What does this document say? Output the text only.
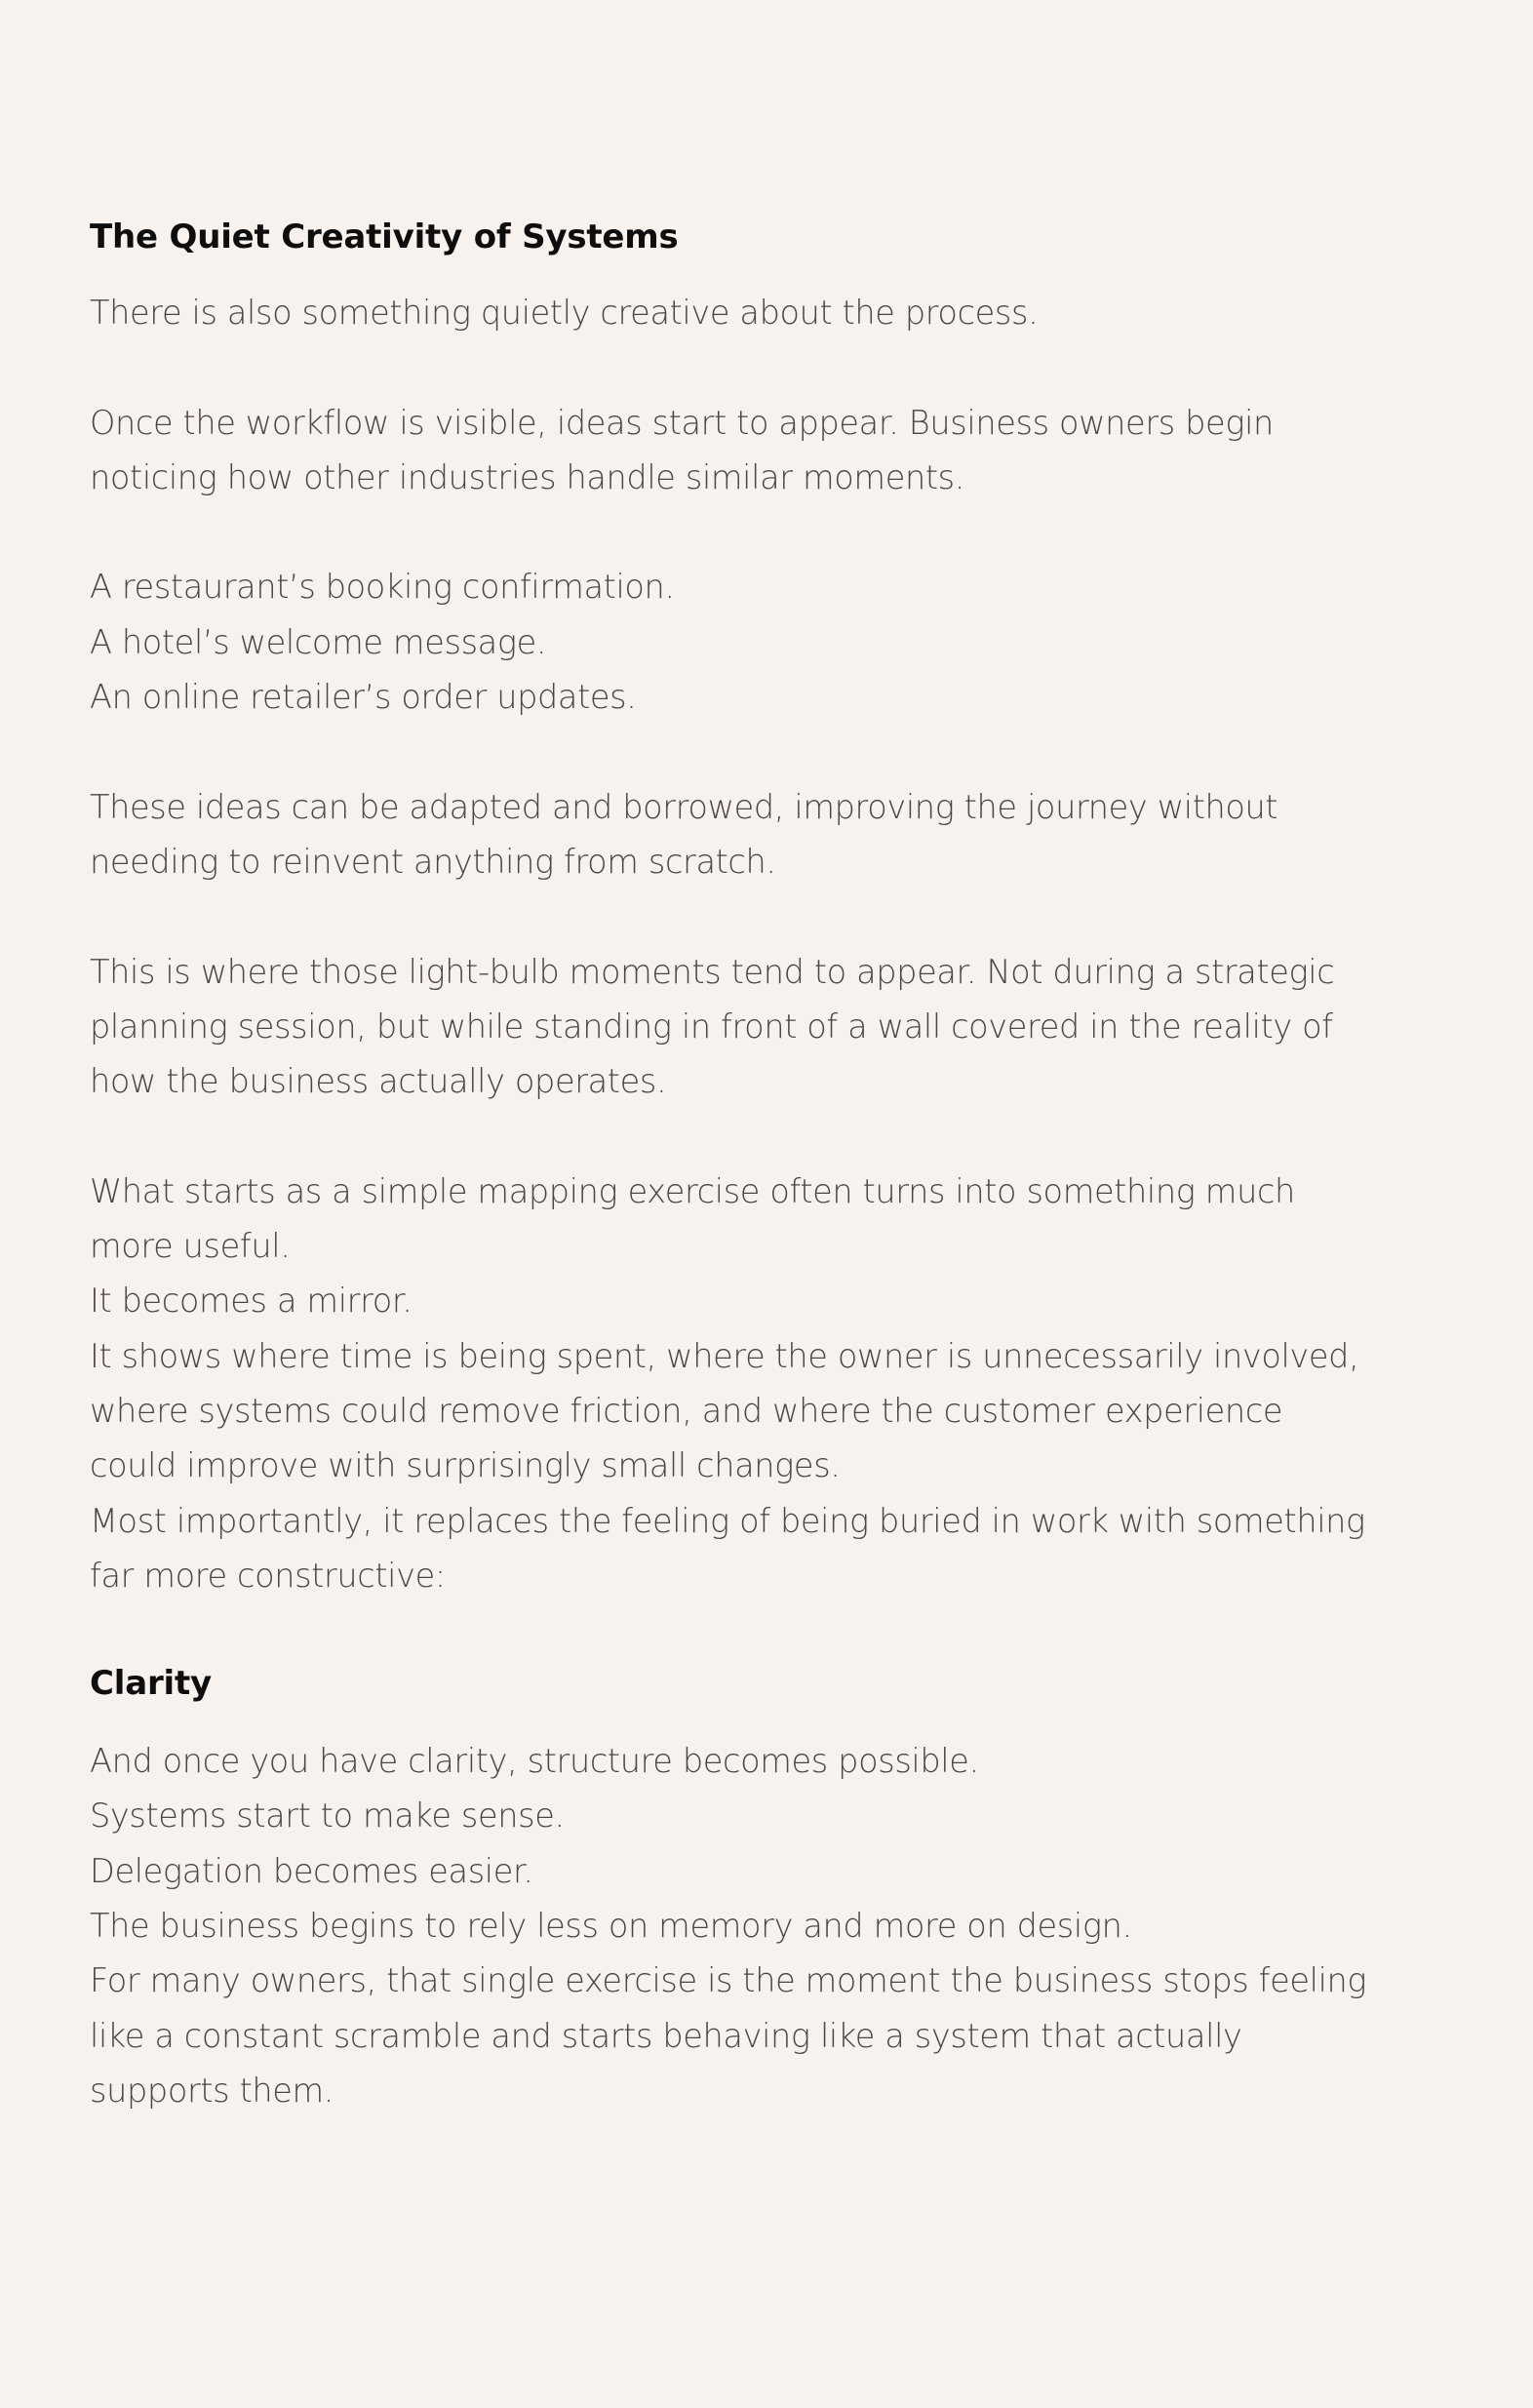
The Quiet Creativity of Systems

There is also something quietly creative about the process.

Once the workflow is visible, ideas start to appear. Business owners begin
noticing how other industries handle similar moments.

A restaurant’s booking confirmation.
A hotel’s welcome message.
An online retailer’s order updates.

These ideas can be adapted and borrowed, improving the journey without
needing to reinvent anything from scratch.

This is where those light-bulb moments tend to appear. Not during a strategic
planning session, but while standing in front of a wall covered in the reality of
how the business actually operates.

What starts as a simple mapping exercise often turns into something much
more useful.
It becomes a mirror.
It shows where time is being spent, where the owner is unnecessarily involved,
where systems could remove friction, and where the customer experience
could improve with surprisingly small changes.
Most importantly, it replaces the feeling of being buried in work with something
far more constructive:

Clarity

And once you have clarity, structure becomes possible.
Systems start to make sense.
Delegation becomes easier.
The business begins to rely less on memory and more on design.
For many owners, that single exercise is the moment the business stops feeling
like a constant scramble and starts behaving like a system that actually
supports them.
